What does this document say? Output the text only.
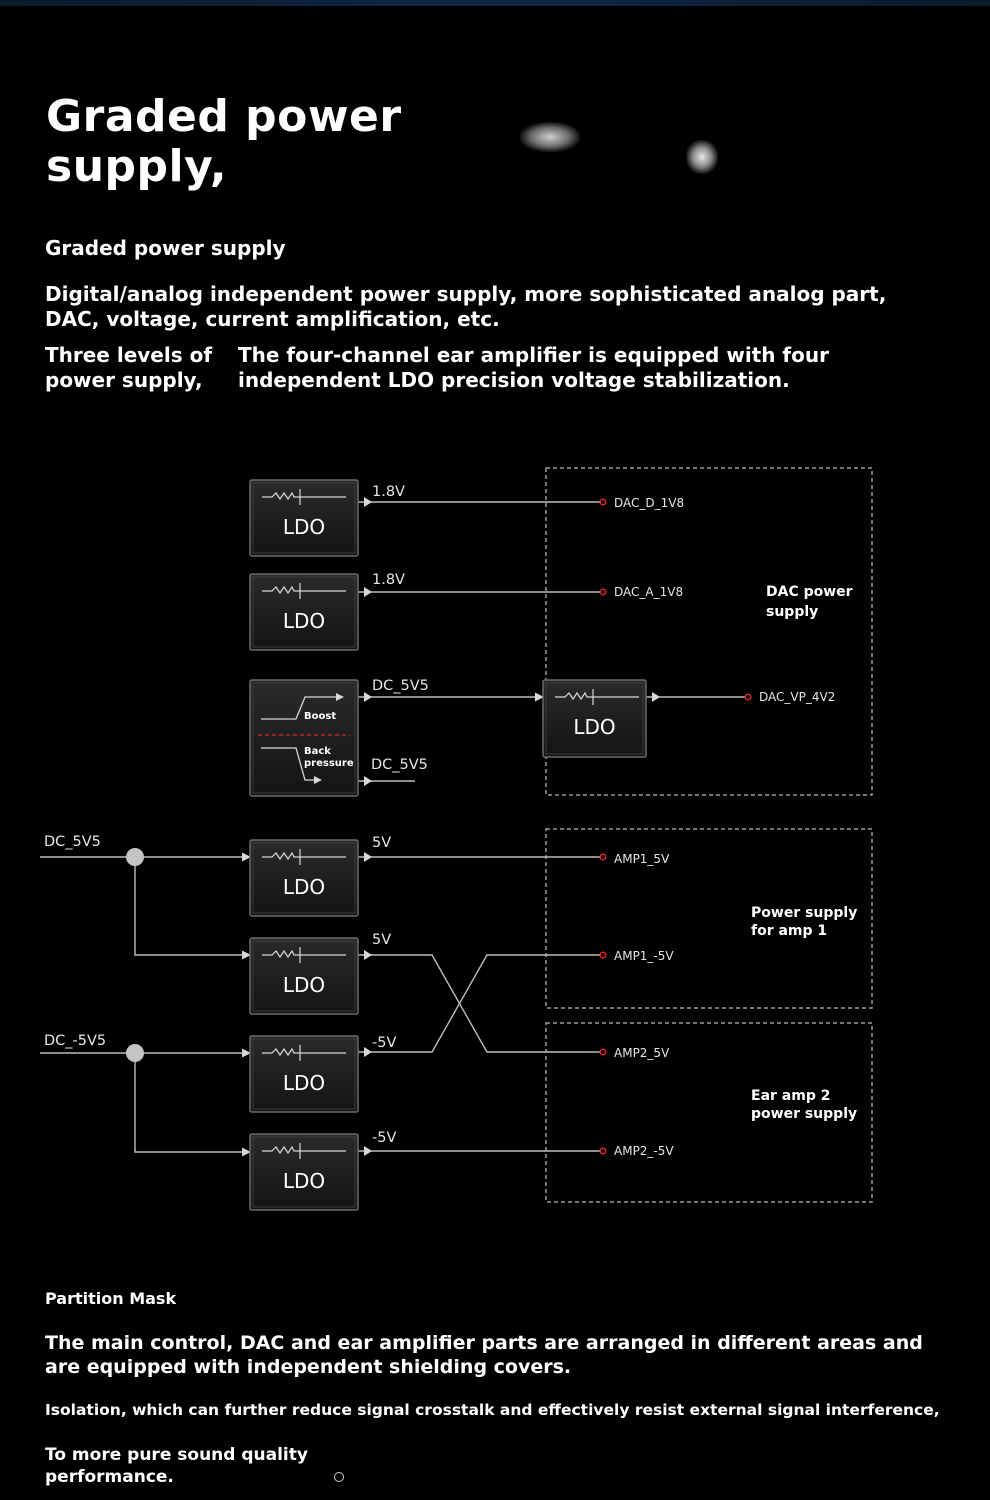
Graded power
supply,
Graded power supply
Digital/analog independent power supply, more sophisticated analog part, DAC, voltage, current amplification, etc.
Three levels of power supply,
The four-channel ear amplifier is equipped with four independent LDO precision voltage stabilization.
DAC power
supply
Power supply
for amp 1
Ear amp 2
power supply
DAC_D_1V8
DAC_A_1V8
DAC_VP_4V2
AMP1_5V
AMP1_-5V
AMP2_5V
AMP2_-5V
1.8V
1.8V
DC_5V5
DC_5V5
5V
5V
-5V
-5V
DC_5V5
DC_-5V5
LDO
LDO
LDO
LDO
LDO
LDO
LDO
Boost
Back
pressure
Partition Mask
The main control, DAC and ear amplifier parts are arranged in different areas and are equipped with independent shielding covers.
Isolation, which can further reduce signal crosstalk and effectively resist external signal interference,
To more pure sound quality performance.
